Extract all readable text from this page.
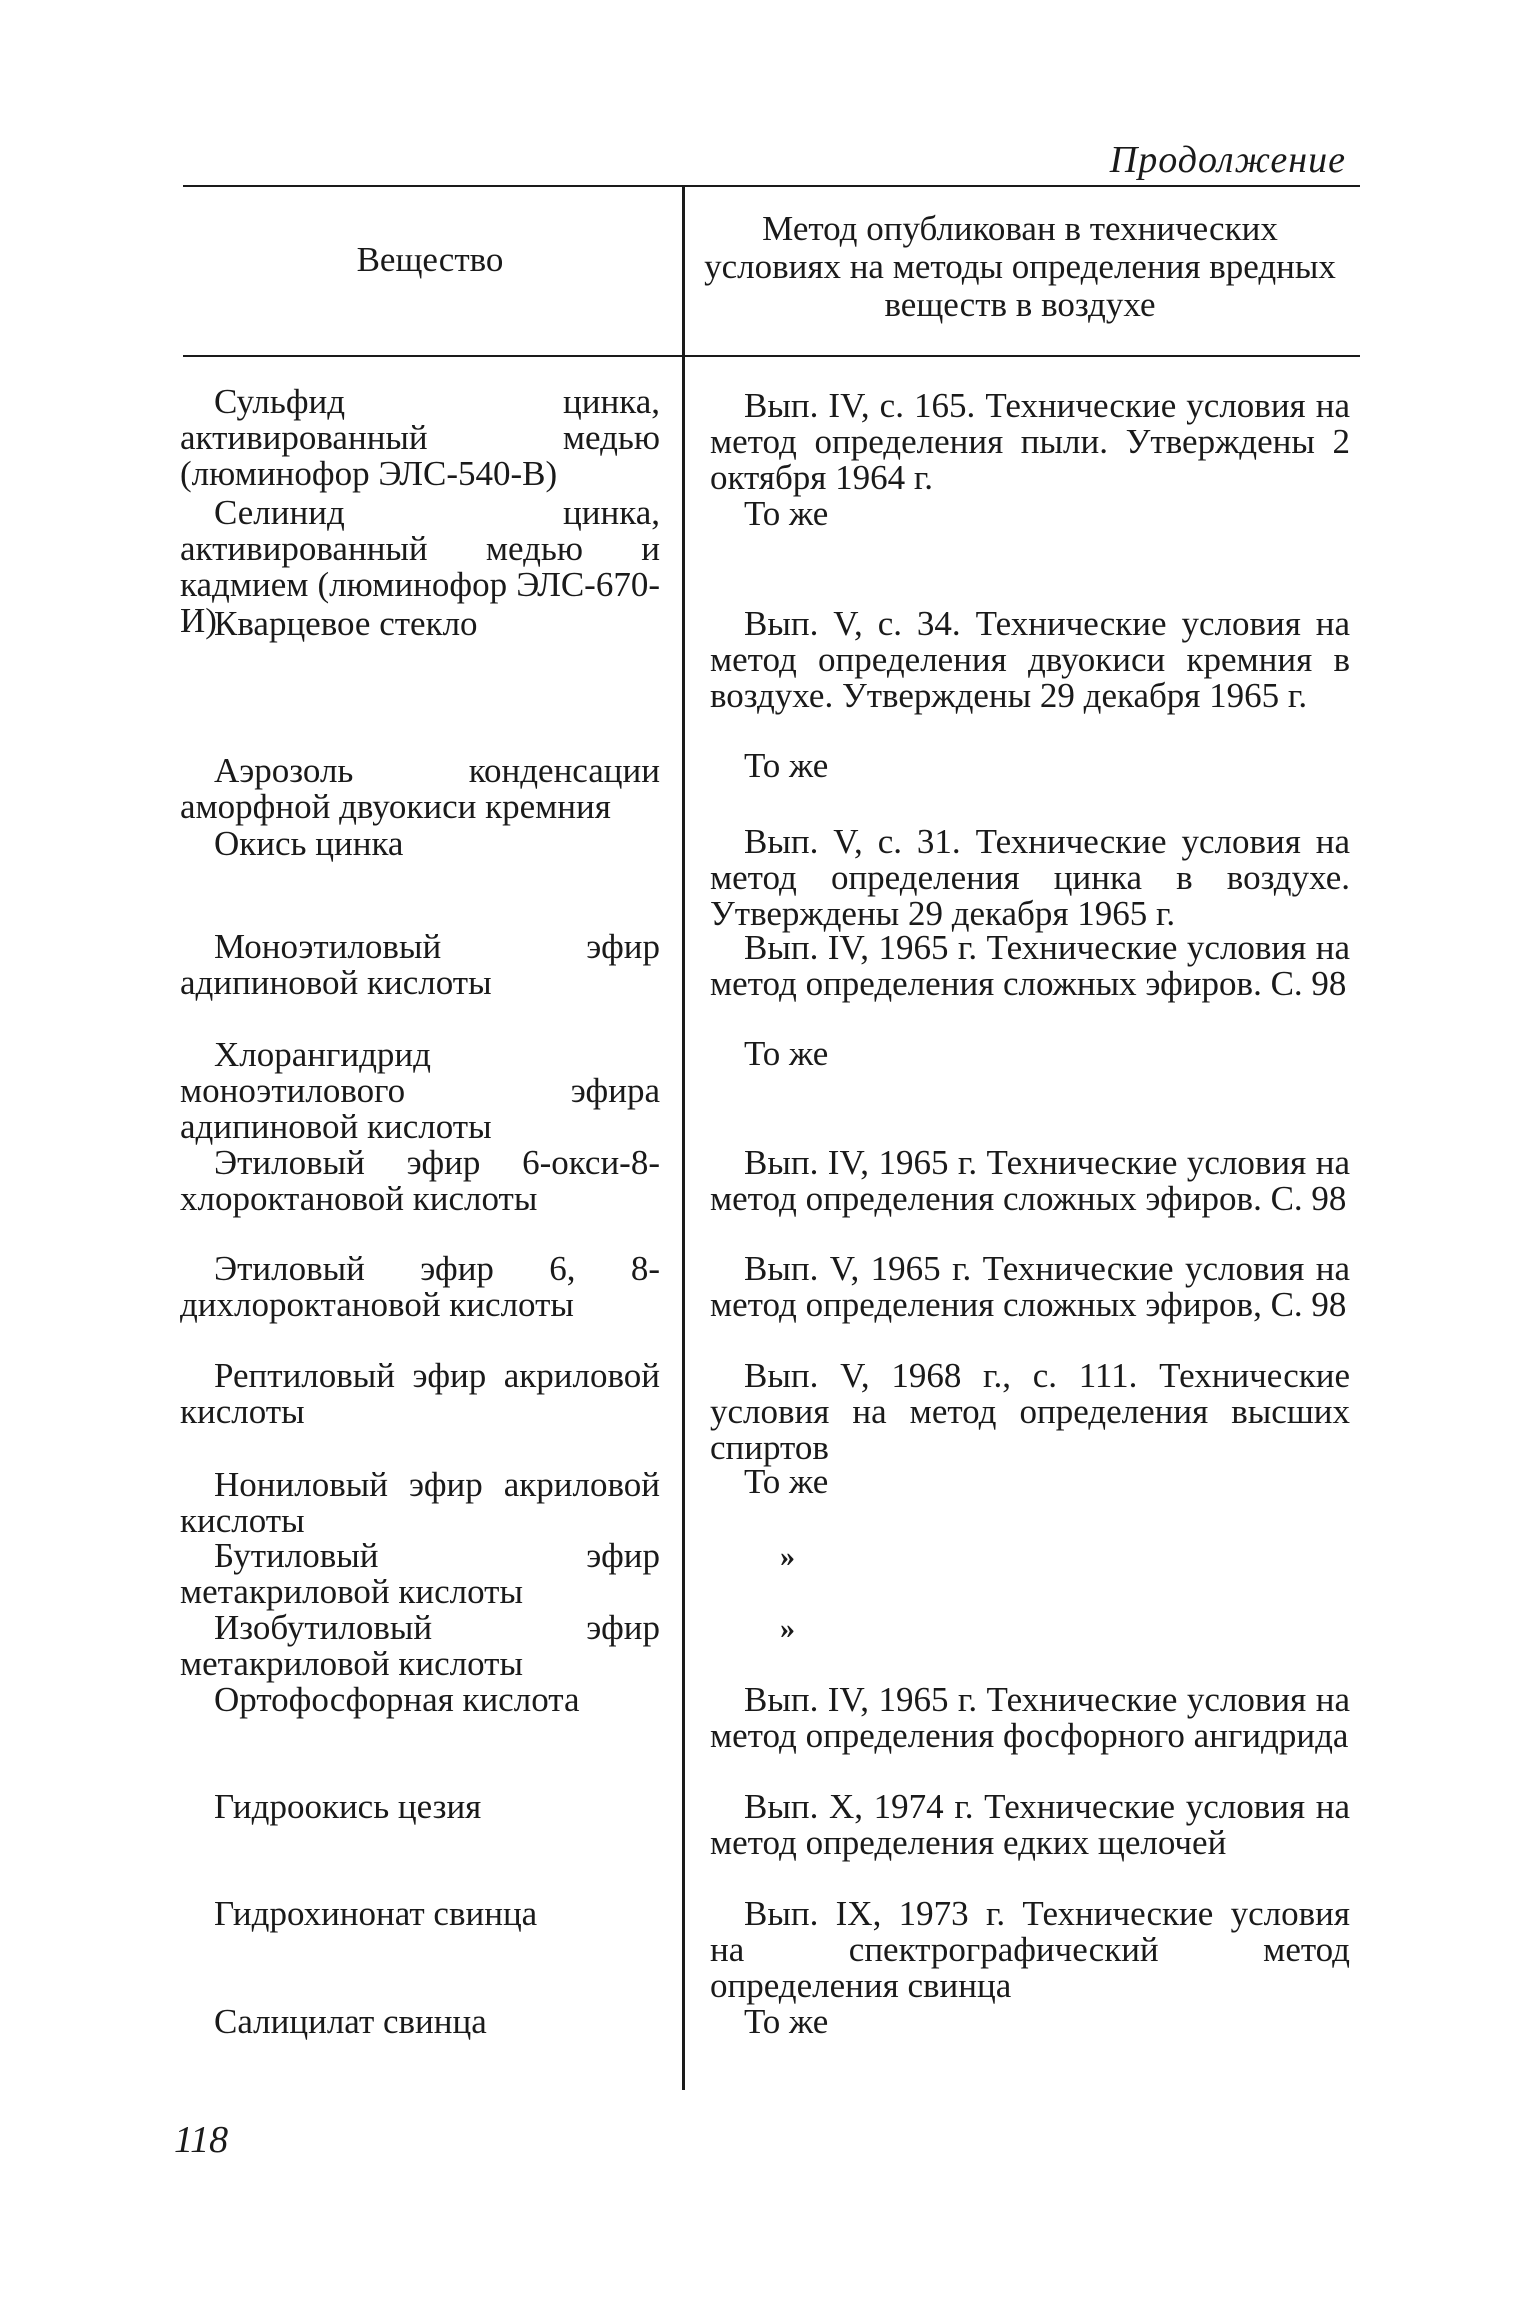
Продолжение
Вещество
Метод опубликован в технических условиях на методы определения вредных веществ в воздухе
Сульфид цинка, активированный медью (люминофор ЭЛС-540-В)
Селинид цинка, активированный медью и кадмием (люминофор ЭЛС-670-И)
Кварцевое стекло
Аэрозоль конденсации аморфной двуокиси кремния
Окись цинка
Моноэтиловый эфир адипиновой кислоты
Хлорангидрид моноэтилового эфира адипиновой кислоты
Этиловый эфир 6-окси-8-хлороктановой кислоты
Этиловый эфир 6, 8-дихлороктановой кислоты
Рептиловый эфир акриловой кислоты
Нониловый эфир акриловой кислоты
Бутиловый эфир метакриловой кислоты
Изобутиловый эфир метакриловой кислоты
Ортофосфорная кислота
Гидроокись цезия
Гидрохинонат свинца
Салицилат свинца
Вып. IV, с. 165. Технические условия на метод определения пыли. Утверждены 2 октября 1964 г.
То же
Вып. V, с. 34. Технические условия на метод определения двуокиси кремния в воздухе. Утверждены 29 декабря 1965 г.
То же
Вып. V, с. 31. Технические условия на метод определения цинка в воздухе. Утверждены 29 декабря 1965 г.
Вып. IV, 1965 г. Технические условия на метод определения сложных эфиров. С. 98
То же
Вып. IV, 1965 г. Технические условия на метод определения сложных эфиров. С. 98
Вып. V, 1965 г. Технические условия на метод определения сложных эфиров, С. 98
Вып. V, 1968 г., с. 111. Технические условия на метод определения высших спиртов
То же
»
»
Вып. IV, 1965 г. Технические условия на метод определения фосфорного ангидрида
Вып. X, 1974 г. Технические условия на метод определения едких щелочей
Вып. IX, 1973 г. Технические условия на спектрографический метод определения свинца
То же
118
